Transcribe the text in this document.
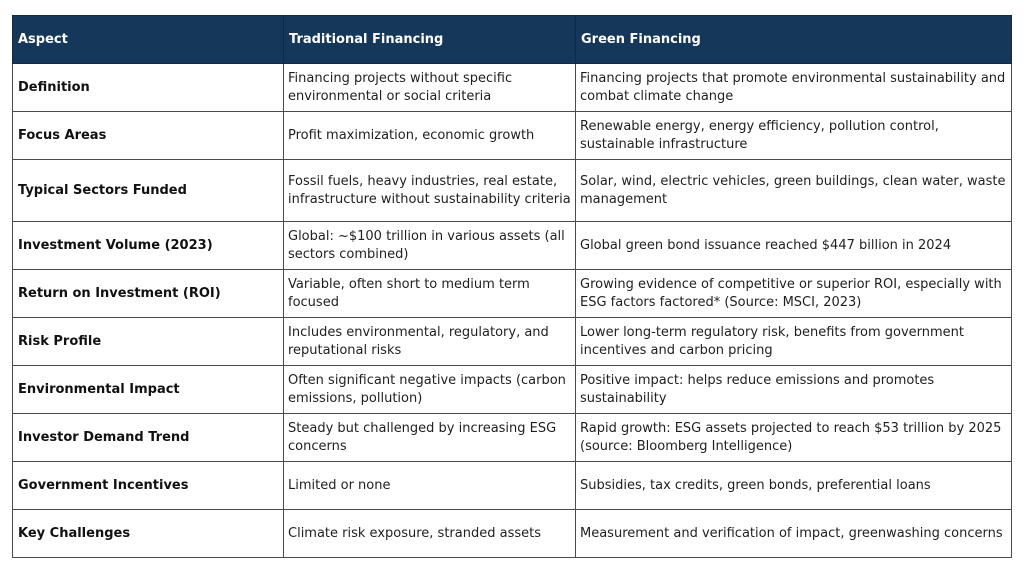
Aspect	Traditional Financing	Green Financing
Definition	Financing projects without specific environmental or social criteria	Financing projects that promote environmental sustainability and combat climate change
Focus Areas	Profit maximization, economic growth	Renewable energy, energy efficiency, pollution control, sustainable infrastructure
Typical Sectors Funded	Fossil fuels, heavy industries, real estate, infrastructure without sustainability criteria	Solar, wind, electric vehicles, green buildings, clean water, waste management
Investment Volume (2023)	Global: ~$100 trillion in various assets (all sectors combined)	Global green bond issuance reached $447 billion in 2024
Return on Investment (ROI)	Variable, often short to medium term focused	Growing evidence of competitive or superior ROI, especially with ESG factors factored* (Source: MSCI, 2023)
Risk Profile	Includes environmental, regulatory, and reputational risks	Lower long-term regulatory risk, benefits from government incentives and carbon pricing
Environmental Impact	Often significant negative impacts (carbon emissions, pollution)	Positive impact: helps reduce emissions and promotes sustainability
Investor Demand Trend	Steady but challenged by increasing ESG concerns	Rapid growth: ESG assets projected to reach $53 trillion by 2025 (source: Bloomberg Intelligence)
Government Incentives	Limited or none	Subsidies, tax credits, green bonds, preferential loans
Key Challenges	Climate risk exposure, stranded assets	Measurement and verification of impact, greenwashing concerns
